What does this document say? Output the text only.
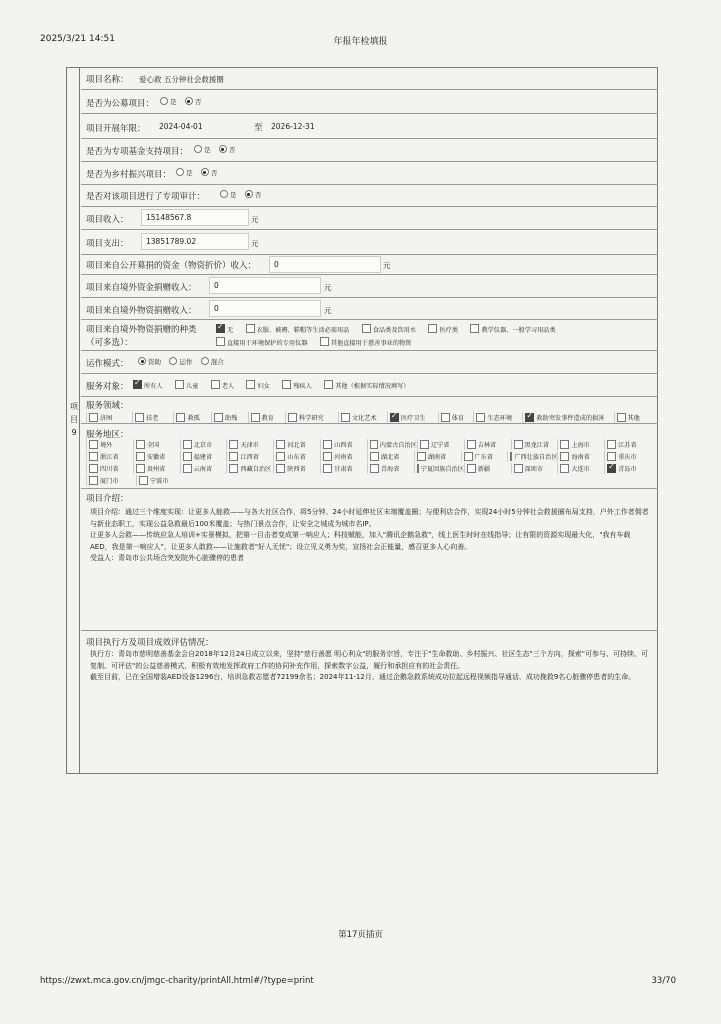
2025/3/21 14:51	年报年检填报
项
目
9
项目名称： 爱心救 五分钟社会救援圈
是否为公募项目：	是	否
项目开展年限： 2024-04-01	至 2026-12-31
是否为专项基金支持项目：	是	否
是否为乡村振兴项目：	是	否
是否对该项目进行了专项审计：	是	否
项目收入：	15148567.8	元
项目支出：	13851789.02	元
项目来自公开募捐的资金（物资折价）收入：	0	元
项目来自境外资金捐赠收入：	0	元
项目来自境外物资捐赠收入：	0	元
项目来自境外物资捐赠的种类
（可多选）：
✓无	衣服、被褥、鞋帽等生活必需用品	食品类及饮用水	医疗类	教学仪器、一般学习用品类
直接用于环境保护的专用仪器	其他直接用于慈善事业的物资
运作模式：	资助	运作	混合
服务对象： ✓	所有人	儿童	老人	妇女	残疾人	其他（根据实际情况填写）
服务领域：
济困	扶老	救孤	助残	教育	科学研究	文化艺术 ✓	医疗卫生	体育	生态环境 ✓	救助突发事件造成的损害	其他
服务地区：
境外	全国	北京市	天津市	河北省	山西省	内蒙古自治区 辽宁省	吉林省	黑龙江省	上海市	江苏省
浙江省	安徽省	福建省	江西省	山东省	河南省	湖北省	湖南省	广东省	广西壮族自治区 海南省	重庆市
四川省	贵州省	云南省	西藏自治区	陕西省	甘肃省	青海省	宁夏回族自治区 新疆	深圳市	大连市 ✓	青岛市
厦门市	宁波市
项目介绍：

项目介绍：通过三个维度实现：让更多人能救——与各大社区合作，将5分钟、24小时延伸社区末端覆盖圈；与便利店合作，实现24小时5分钟社会救援圈布局支持，户外工作者佣者与新业态职工，实现公益急救最后100米覆盖；与热门景点合作，让安全之城成为城市名IP。

让更多人会救——传统应急人培训+实景模拟，把第一目击者变成第一响应人；科技赋能，加入"腾讯企鹅急救"，线上医生时时在线指导；让有限的资源实现最大化，"我有车载AED，我是第一响应人"，让更多人敢救——让施救者"好人无忧"；设立见义勇为奖，宣扬社会正能量，感召更多人心向善。

受益人：青岛市公共场合突发院外心脏骤停的患者

项目执行方及项目成效评估情况：

执行方：青岛市慈明慈善基金会自2018年12月24日成立以来，坚持"慈行善愿 明心利众"的服务宗旨，专注于"生命救助、乡村振兴、社区生态"三个方向，探索"可参与、可持续、可复制、可评估"的公益慈善模式，积极有效地发挥政府工作的协同补充作用，探索数字公益，履行和承担应有的社会责任。

截至目前，已在全国增装AED设备1296台，培训急救志愿者72199余名；2024年11-12月，通过企鹅急救系统成功拉起远程视频指导通话，成功挽救9名心脏骤停患者的生命。

第17页插页
https://zwxt.mca.gov.cn/jmgc-charity/printAll.html#/?type=print	33/70
